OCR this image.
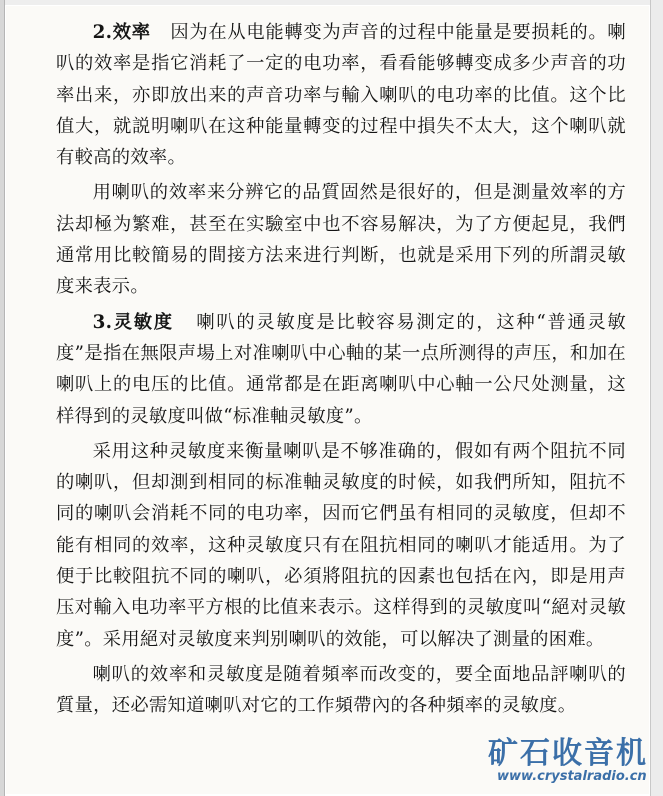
2.效率 因为在从电能轉变为声音的过程中能量是要损耗的。喇叭的效率是指它消耗了一定的电功率，看看能够轉变成多少声音的功率出来，亦即放出来的声音功率与輸入喇叭的电功率的比值。这个比值大，就説明喇叭在这种能量轉变的过程中損失不太大，这个喇叭就有較高的效率。

用喇叭的效率来分辨它的品質固然是很好的，但是測量效率的方法却極为繁难，甚至在实驗室中也不容易解决，为了方便起見，我們通常用比較簡易的間接方法来进行判断，也就是采用下列的所謂灵敏度来表示。

3.灵敏度 喇叭的灵敏度是比較容易測定的，这种“普通灵敏度”是指在無限声場上对准喇叭中心軸的某一点所测得的声压，和加在喇叭上的电压的比值。通常都是在距离喇叭中心軸一公尺处测量，这样得到的灵敏度叫做“标准軸灵敏度”。

采用这种灵敏度来衡量喇叭是不够准确的，假如有两个阻抗不同的喇叭，但却測到相同的标准軸灵敏度的时候，如我們所知，阻抗不同的喇叭会消耗不同的电功率，因而它們虽有相同的灵敏度，但却不能有相同的效率，这种灵敏度只有在阻抗相同的喇叭才能适用。为了便于比較阻抗不同的喇叭，必須將阻抗的因素也包括在內，即是用声压对輸入电功率平方根的比值来表示。这样得到的灵敏度叫“絕对灵敏度”。采用絕对灵敏度来判别喇叭的效能，可以解决了測量的困难。

喇叭的效率和灵敏度是随着頻率而改变的，要全面地品評喇叭的質量，还必需知道喇叭对它的工作頻帶內的各种頻率的灵敏度。

矿石收音机
www.crystalradio.cn
